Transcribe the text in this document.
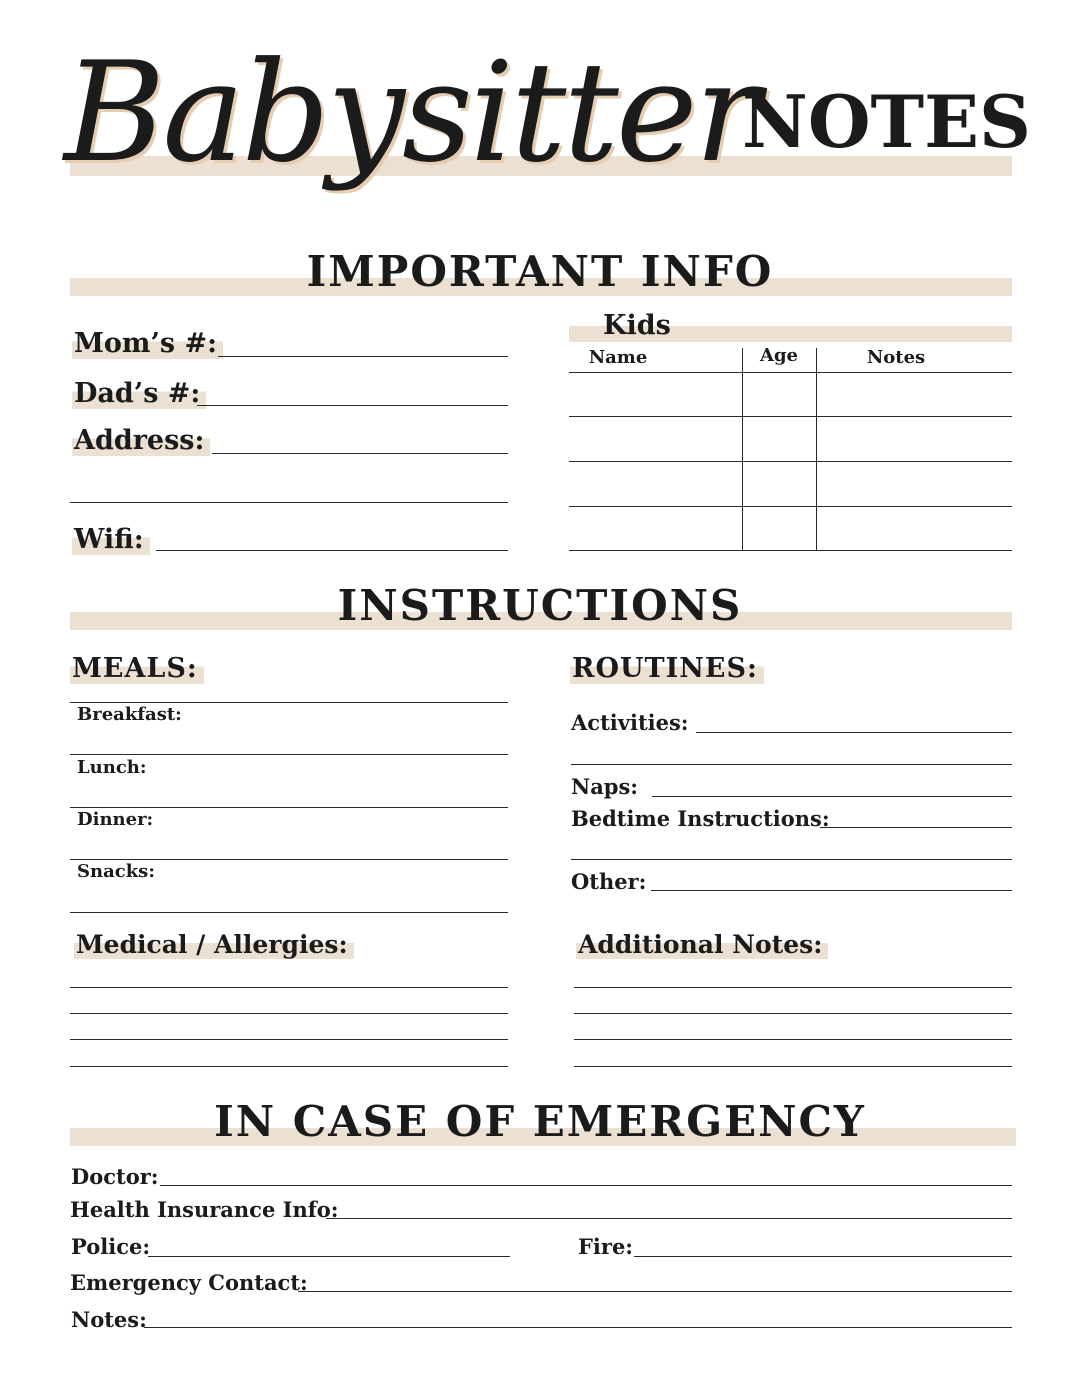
Babysitter
NOTES
IMPORTANT INFO
Mom’s #:
Dad’s #:
Address:
Wifi:
Kids
Name	Age	Notes
INSTRUCTIONS
MEALS:
Breakfast:
Lunch:
Dinner:
Snacks:
ROUTINES:
Activities:
Naps:
Bedtime Instructions:
Other:
Medical / Allergies:	Additional Notes:
IN CASE OF EMERGENCY
Doctor:
Health Insurance Info:
Police:	Fire:
Emergency Contact:
Notes:
